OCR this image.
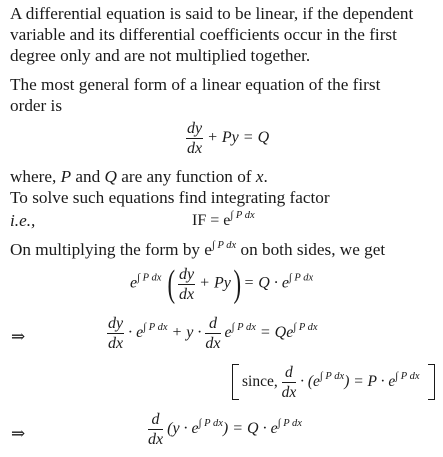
A differential equation is said to be linear, if the dependent
variable and its differential coefficients occur in the first
degree only and are not multiplied together.
The most general form of a linear equation of the first
order is
$\frac{dy}{dx} + Py = Q$
where, P and Q are any function of x.
To solve such equations find integrating factor
i.e.,	IF = $e^{\int P dx}$
On multiplying the form by $e^{\int P dx}$ on both sides, we get
$e^{\int P dx}$ ( $\frac{dy}{dx} + Py) = Q \cdot e^{\int P dx}$
⇒	$\frac{dy}{dx} \cdot e^{\int P dx} + y \cdot \frac{d}{dx} e^{\int P dx} = Qe^{\int P dx}$
since, $\frac{d}{dx} \cdot (e^{\int P dx}) = P \cdot e^{\int P dx}$
⇒	$\frac{d}{dx} (y \cdot e^{\int P dx}) = Q \cdot e^{\int P dx}$
